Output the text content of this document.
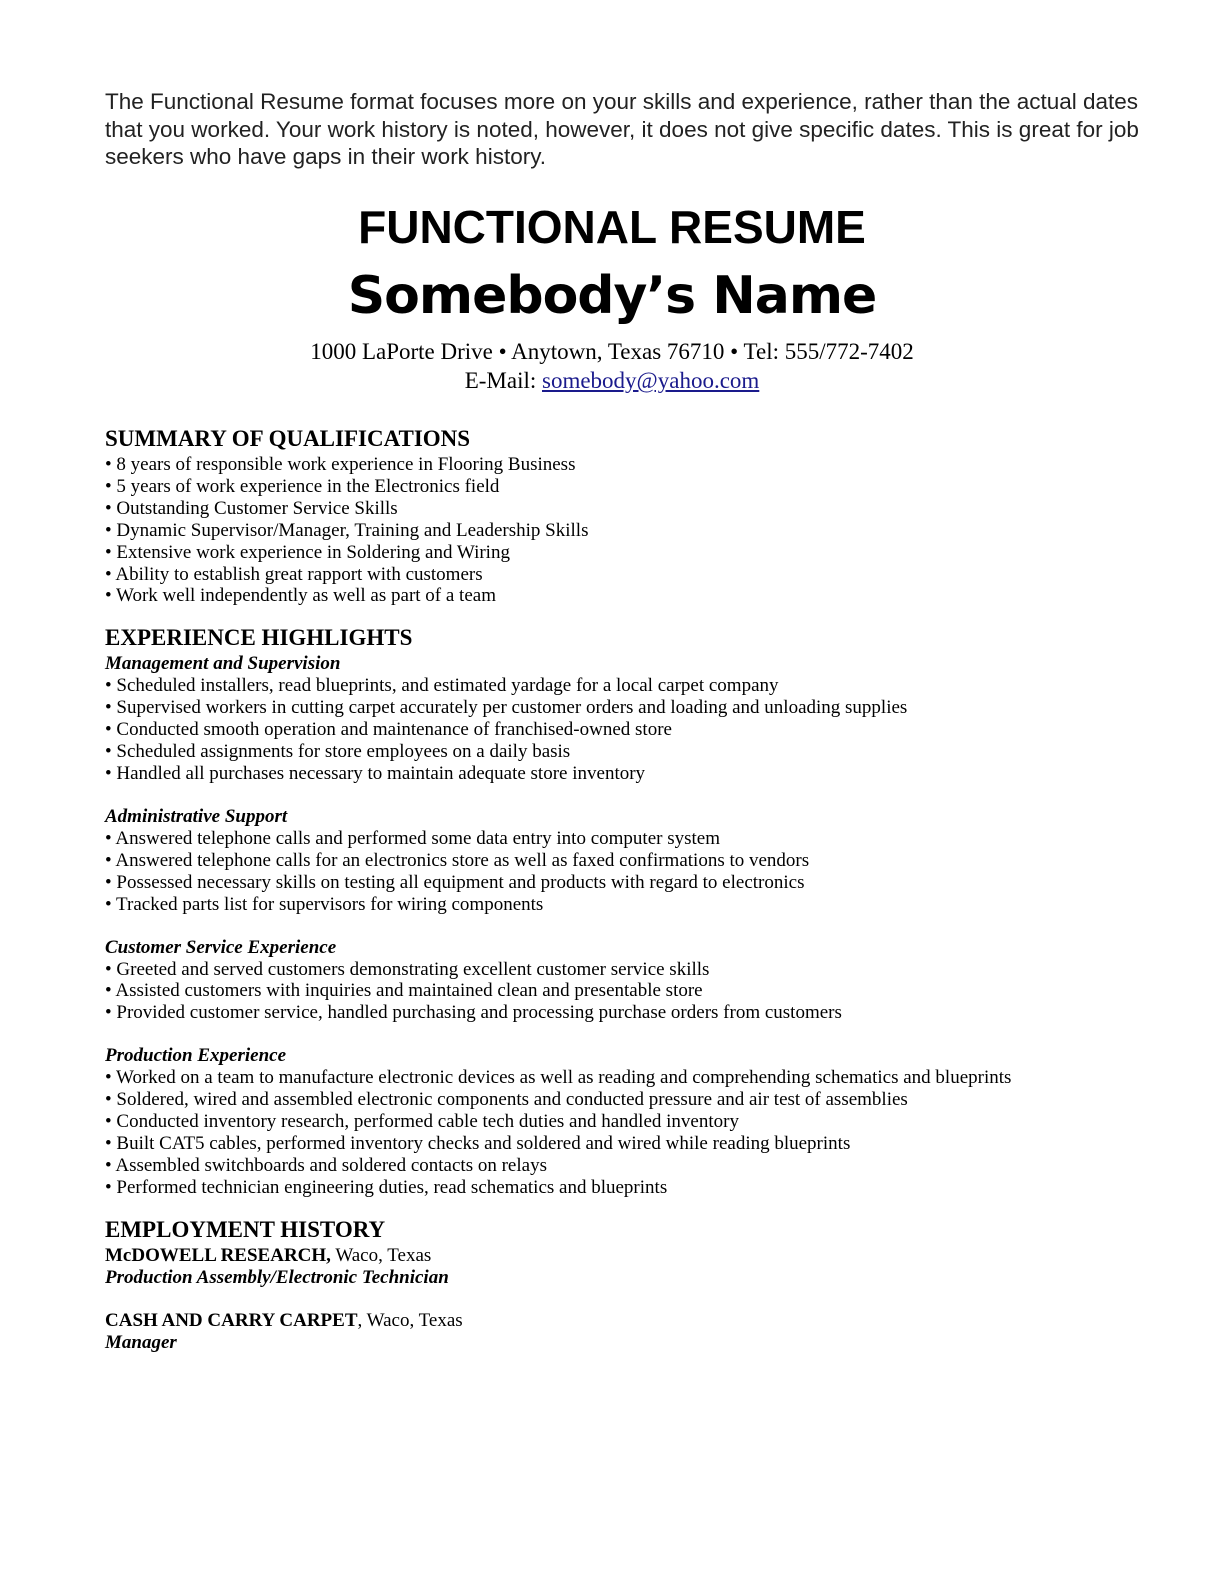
The Functional Resume format focuses more on your skills and experience, rather than the actual dates that you worked. Your work history is noted, however, it does not give specific dates. This is great for job seekers who have gaps in their work history.
FUNCTIONAL RESUME
Somebody’s Name
1000 LaPorte Drive • Anytown, Texas 76710 • Tel: 555/772-7402
E-Mail: somebody@yahoo.com
SUMMARY OF QUALIFICATIONS
• 8 years of responsible work experience in Flooring Business
• 5 years of work experience in the Electronics field
• Outstanding Customer Service Skills
• Dynamic Supervisor/Manager, Training and Leadership Skills
• Extensive work experience in Soldering and Wiring
• Ability to establish great rapport with customers
• Work well independently as well as part of a team
EXPERIENCE HIGHLIGHTS
Management and Supervision
• Scheduled installers, read blueprints, and estimated yardage for a local carpet company
• Supervised workers in cutting carpet accurately per customer orders and loading and unloading supplies
• Conducted smooth operation and maintenance of franchised-owned store
• Scheduled assignments for store employees on a daily basis
• Handled all purchases necessary to maintain adequate store inventory
Administrative Support
• Answered telephone calls and performed some data entry into computer system
• Answered telephone calls for an electronics store as well as faxed confirmations to vendors
• Possessed necessary skills on testing all equipment and products with regard to electronics
• Tracked parts list for supervisors for wiring components
Customer Service Experience
• Greeted and served customers demonstrating excellent customer service skills
• Assisted customers with inquiries and maintained clean and presentable store
• Provided customer service, handled purchasing and processing purchase orders from customers
Production Experience
• Worked on a team to manufacture electronic devices as well as reading and comprehending schematics and blueprints
• Soldered, wired and assembled electronic components and conducted pressure and air test of assemblies
• Conducted inventory research, performed cable tech duties and handled inventory
• Built CAT5 cables, performed inventory checks and soldered and wired while reading blueprints
• Assembled switchboards and soldered contacts on relays
• Performed technician engineering duties, read schematics and blueprints
EMPLOYMENT HISTORY
McDOWELL RESEARCH, Waco, Texas
Production Assembly/Electronic Technician
CASH AND CARRY CARPET, Waco, Texas
Manager
